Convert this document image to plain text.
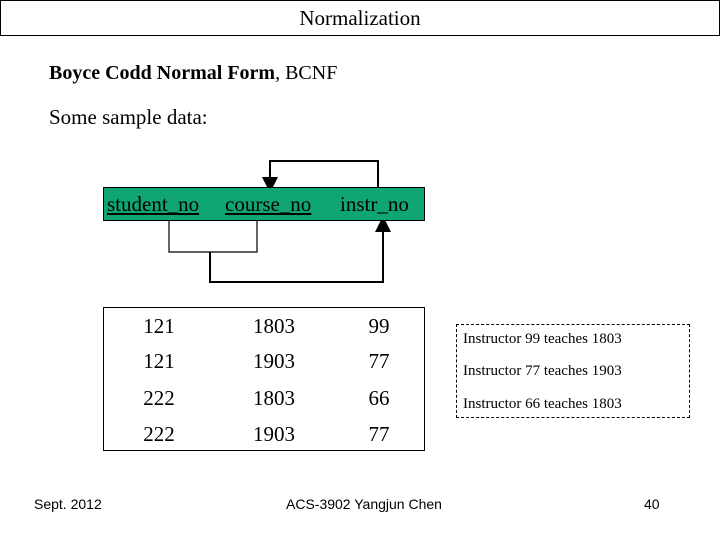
Normalization
Boyce Codd Normal Form, BCNF
Some sample data:
student_no course_no instr_no
121	1803	99
121	1903	77
222	1803	66
222	1903	77
Instructor 99 teaches 1803
Instructor 77 teaches 1903
Instructor 66 teaches 1803
Sept. 2012	ACS-3902 Yangjun Chen	40
